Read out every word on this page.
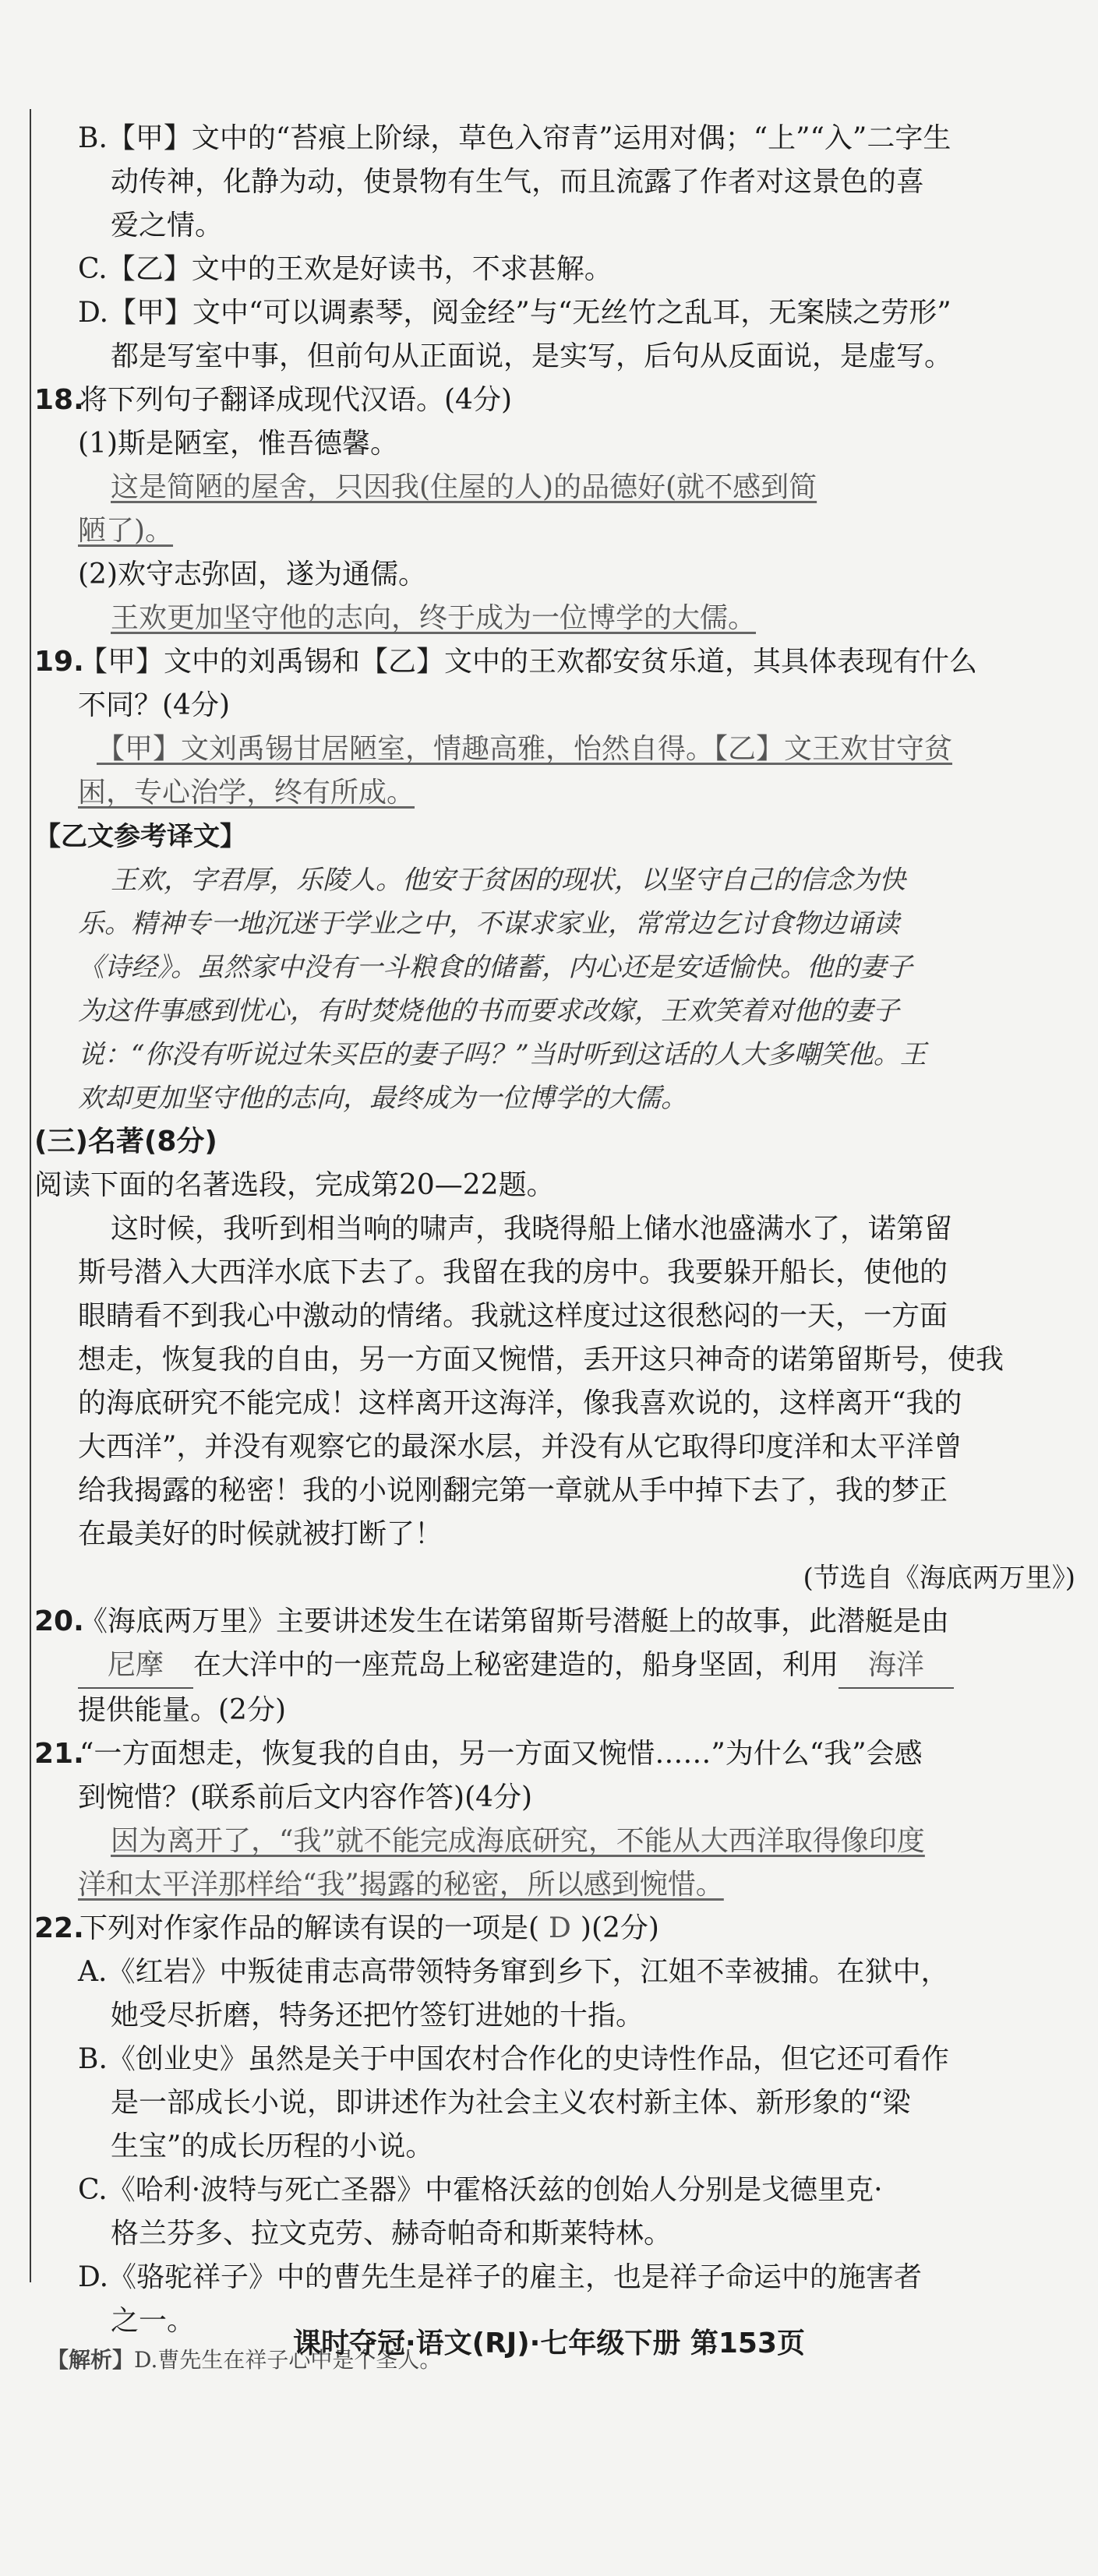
B.【甲】文中的“苔痕上阶绿，草色入帘青”运用对偶；“上”“入”二字生
动传神，化静为动，使景物有生气，而且流露了作者对这景色的喜
爱之情。
C.【乙】文中的王欢是好读书，不求甚解。
D.【甲】文中“可以调素琴，阅金经”与“无丝竹之乱耳，无案牍之劳形”
都是写室中事，但前句从正面说，是实写，后句从反面说，是虚写。
18.
将下列句子翻译成现代汉语。(4分)
(1)斯是陋室，惟吾德馨。
这是简陋的屋舍，只因我(住屋的人)的品德好(就不感到简
陋了)。
(2)欢守志弥固，遂为通儒。
王欢更加坚守他的志向，终于成为一位博学的大儒。
19.
【甲】文中的刘禹锡和【乙】文中的王欢都安贫乐道，其具体表现有什么
不同？(4分)
【甲】文刘禹锡甘居陋室，情趣高雅，怡然自得。【乙】文王欢甘守贫
困，专心治学，终有所成。
【乙文参考译文】
王欢，字君厚，乐陵人。他安于贫困的现状，以坚守自己的信念为快
乐。精神专一地沉迷于学业之中，不谋求家业，常常边乞讨食物边诵读
《诗经》。虽然家中没有一斗粮食的储蓄，内心还是安适愉快。他的妻子
为这件事感到忧心，有时焚烧他的书而要求改嫁，王欢笑着对他的妻子
说：“你没有听说过朱买臣的妻子吗？”当时听到这话的人大多嘲笑他。王
欢却更加坚守他的志向，最终成为一位博学的大儒。
(三)名著(8分)
阅读下面的名著选段，完成第20—22题。
这时候，我听到相当响的啸声，我晓得船上储水池盛满水了，诺第留
斯号潜入大西洋水底下去了。我留在我的房中。我要躲开船长，使他的
眼睛看不到我心中激动的情绪。我就这样度过这很愁闷的一天，一方面
想走，恢复我的自由，另一方面又惋惜，丢开这只神奇的诺第留斯号，使我
的海底研究不能完成！这样离开这海洋，像我喜欢说的，这样离开“我的
大西洋”，并没有观察它的最深水层，并没有从它取得印度洋和太平洋曾
给我揭露的秘密！我的小说刚翻完第一章就从手中掉下去了，我的梦正
在最美好的时候就被打断了！
(节选自《海底两万里》)
20.
《海底两万里》主要讲述发生在诺第留斯号潜艇上的故事，此潜艇是由
尼摩 在大洋中的一座荒岛上秘密建造的，船身坚固，利用 海洋
提供能量。(2分)
21.
“一方面想走，恢复我的自由，另一方面又惋惜……”为什么“我”会感
到惋惜？(联系前后文内容作答)(4分)
因为离开了，“我”就不能完成海底研究，不能从大西洋取得像印度
洋和太平洋那样给“我”揭露的秘密，所以感到惋惜。
22.
下列对作家作品的解读有误的一项是( D )(2分)
A.《红岩》中叛徒甫志高带领特务窜到乡下，江姐不幸被捕。在狱中，
她受尽折磨，特务还把竹签钉进她的十指。
B.《创业史》虽然是关于中国农村合作化的史诗性作品，但它还可看作
是一部成长小说，即讲述作为社会主义农村新主体、新形象的“梁
生宝”的成长历程的小说。
C.《哈利·波特与死亡圣器》中霍格沃兹的创始人分别是戈德里克·
格兰芬多、拉文克劳、赫奇帕奇和斯莱特林。
D.《骆驼祥子》中的曹先生是祥子的雇主，也是祥子命运中的施害者
之一。
【解析】D.曹先生在祥子心中是个圣人。
课时夺冠·语文(RJ)·七年级下册 第153页
